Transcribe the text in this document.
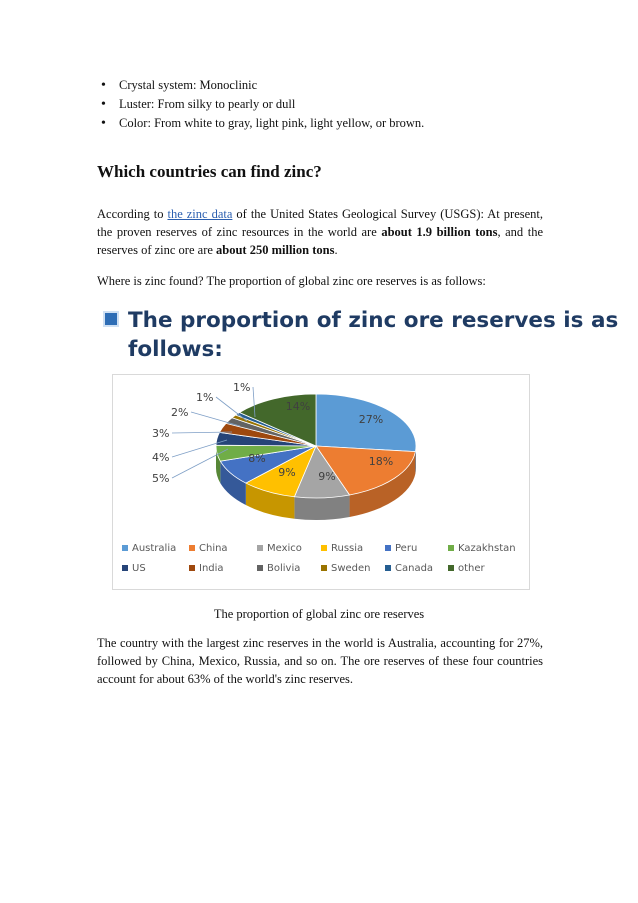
• Crystal system: Monoclinic
• Luster: From silky to pearly or dull
• Color: From white to gray, light pink, light yellow, or brown.
Which countries can find zinc?

According to the zinc data of the United States Geological Survey (USGS): At present, the proven reserves of zinc resources in the world are about 1.9 billion tons, and the reserves of zinc ore are about 250 million tons.

Where is zinc found? The proportion of global zinc ore reserves is as follows:

The proportion of zinc ore reserves is as
follows:
27%
18%
9%
9%
8%
14%
5%
4%
3%
2%
1%
1%
Australia China	Mexico	Russia	Peru	Kazakhstan
US	India	Bolivia	Sweden Canada other
The proportion of global zinc ore reserves

The country with the largest zinc reserves in the world is Australia, accounting for 27%, followed by China, Mexico, Russia, and so on. The ore reserves of these four countries account for about 63% of the world's zinc reserves.
